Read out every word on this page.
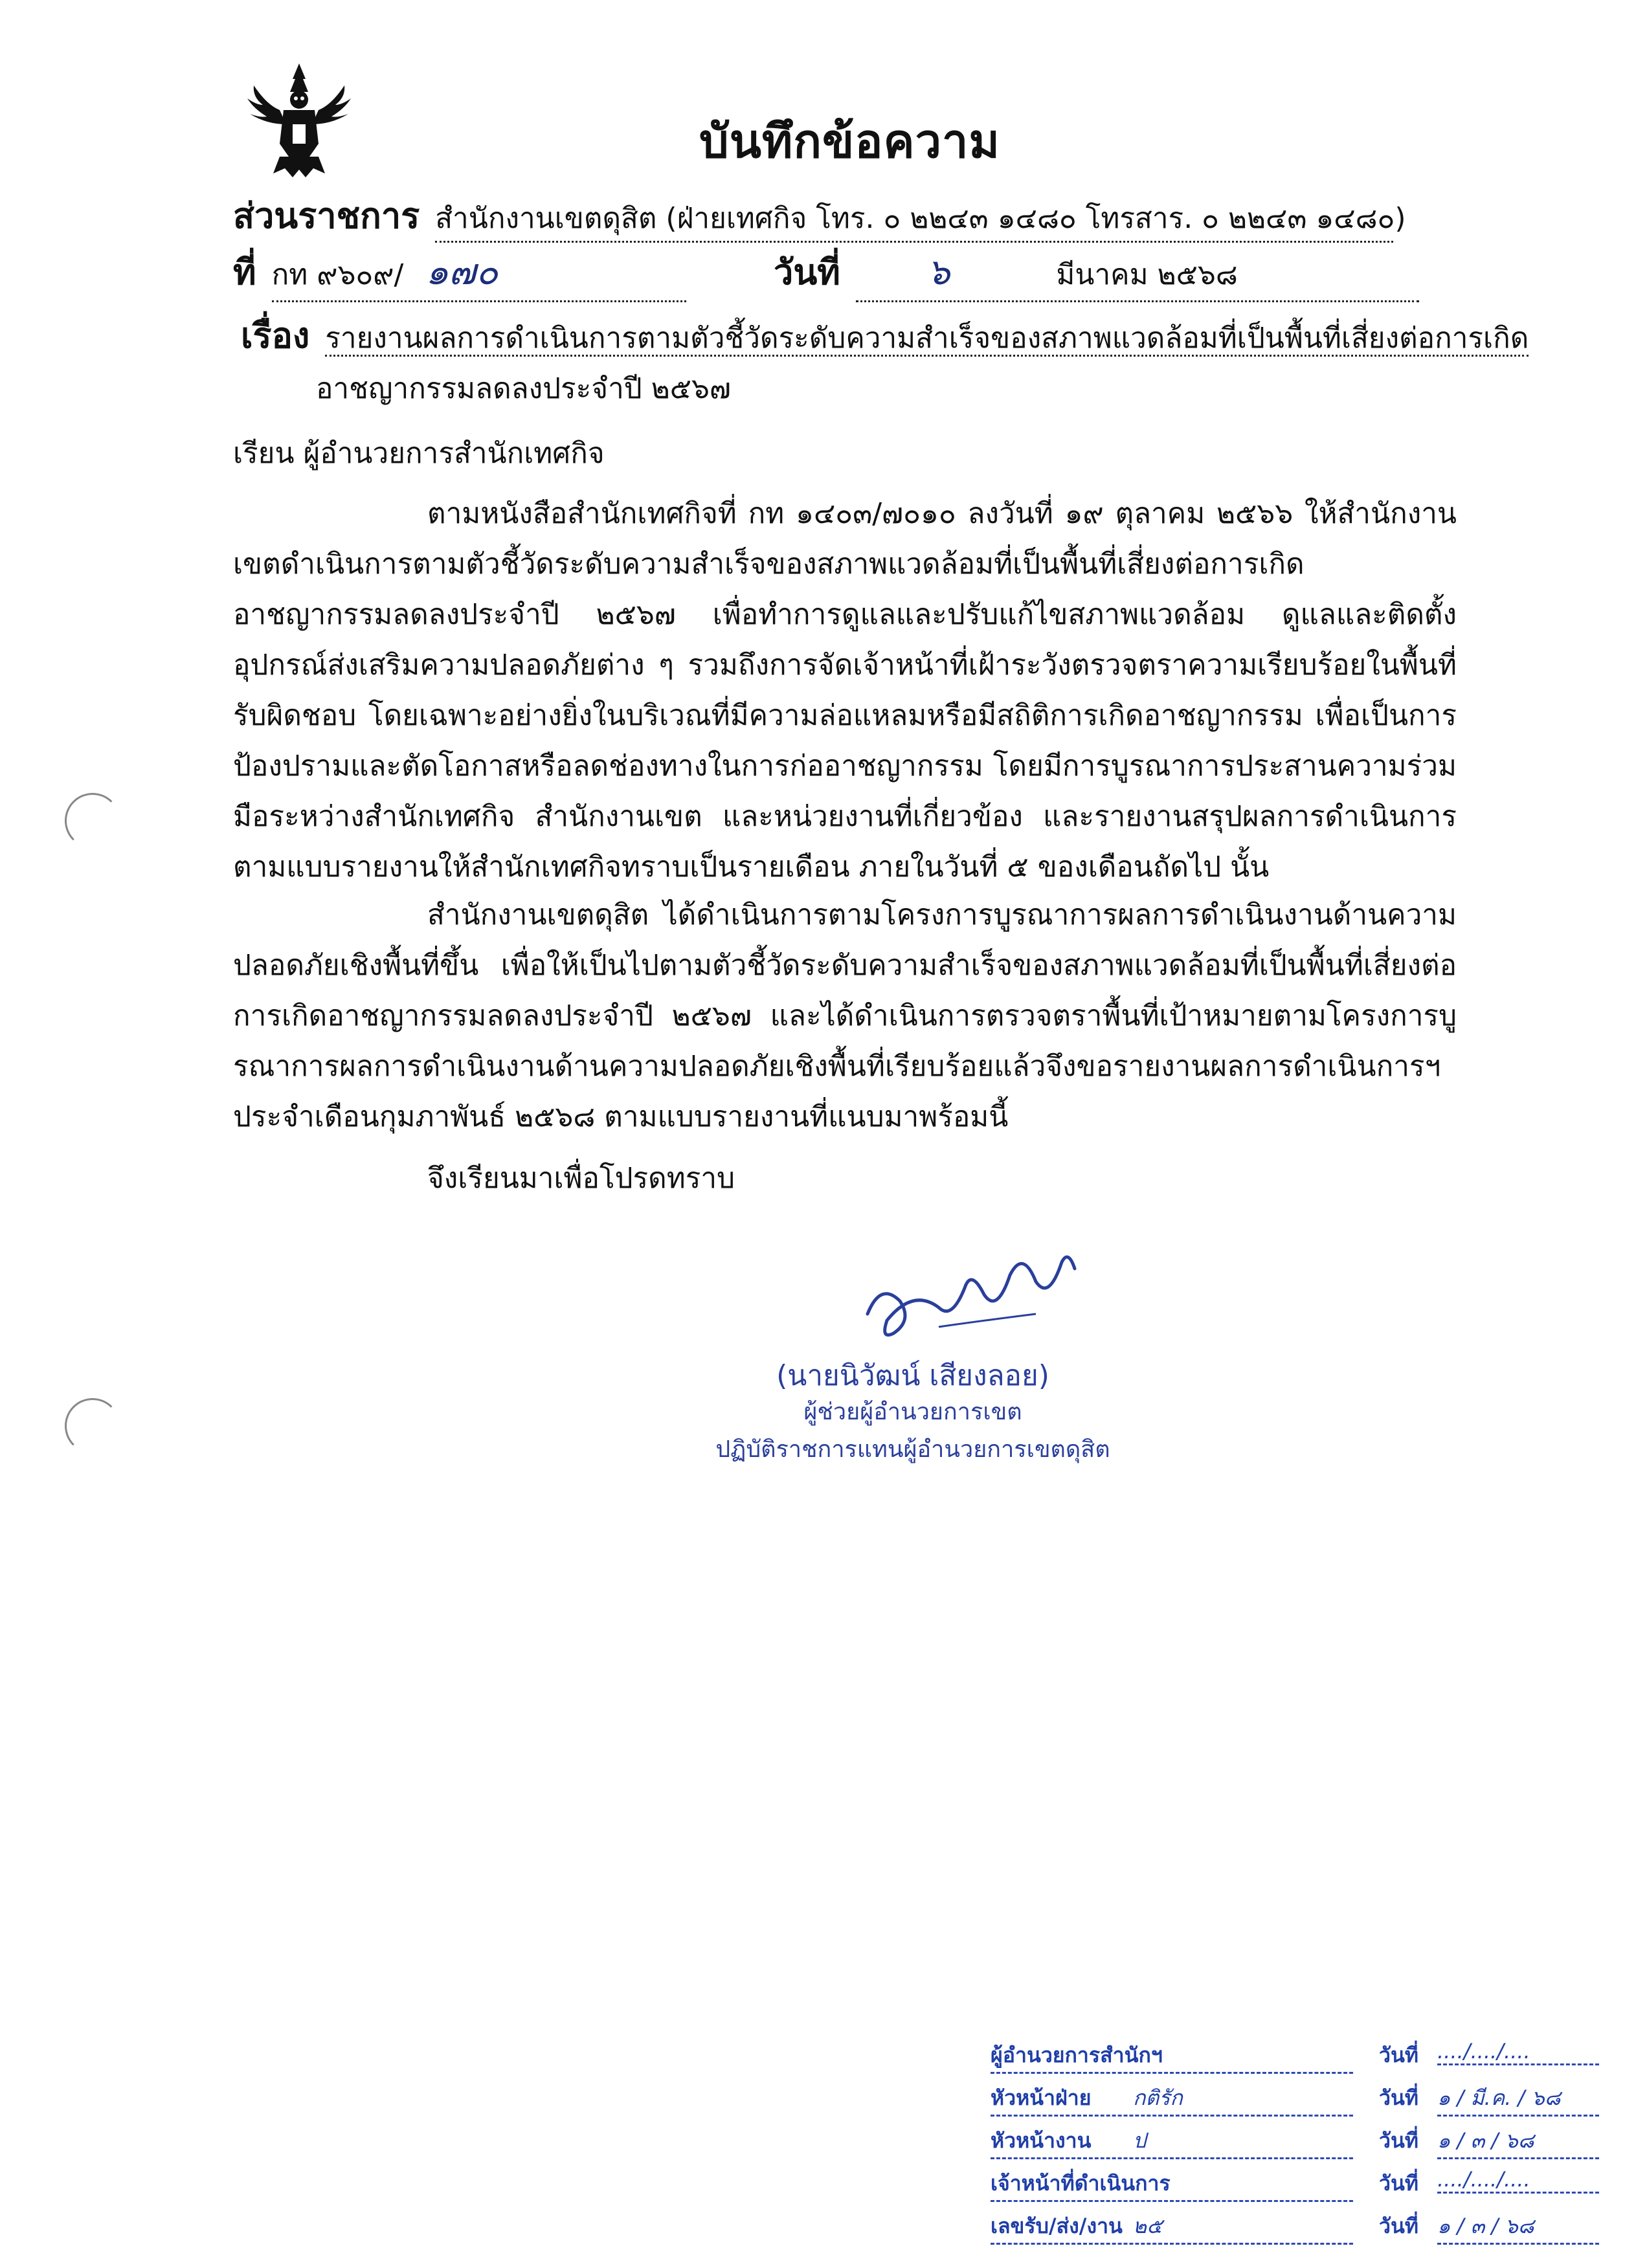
บันทึกข้อความ
ส่วนราชการ สำนักงานเขตดุสิต (ฝ่ายเทศกิจ โทร. ๐ ๒๒๔๓ ๑๔๘๐ โทรสาร. ๐ ๒๒๔๓ ๑๔๘๐)
ที่ กท ๙๖๐๙/ ๑๗๐	วันที่ ๖	มีนาคม ๒๕๖๘
เรื่อง รายงานผลการดำเนินการตามตัวชี้วัดระดับความสำเร็จของสภาพแวดล้อมที่เป็นพื้นที่เสี่ยงต่อการเกิด
อาชญากรรมลดลงประจำปี ๒๕๖๗
เรียน ผู้อำนวยการสำนักเทศกิจ

ตามหนังสือสำนักเทศกิจที่ กท ๑๔๐๓/๗๐๑๐ ลงวันที่ ๑๙ ตุลาคม ๒๕๖๖ ให้สำนักงานเขตดำเนินการตามตัวชี้วัดระดับความสำเร็จของสภาพแวดล้อมที่เป็นพื้นที่เสี่ยงต่อการเกิดอาชญากรรมลดลงประจำปี ๒๕๖๗ เพื่อทำการดูแลและปรับแก้ไขสภาพแวดล้อม ดูแลและติดตั้งอุปกรณ์ส่งเสริมความปลอดภัยต่าง ๆ รวมถึงการจัดเจ้าหน้าที่เฝ้าระวังตรวจตราความเรียบร้อยในพื้นที่รับผิดชอบ โดยเฉพาะอย่างยิ่งในบริเวณที่มีความล่อแหลมหรือมีสถิติการเกิดอาชญากรรม เพื่อเป็นการป้องปรามและตัดโอกาสหรือลดช่องทางในการก่ออาชญากรรม โดยมีการบูรณาการประสานความร่วมมือระหว่างสำนักเทศกิจ สำนักงานเขต และหน่วยงานที่เกี่ยวข้อง และรายงานสรุปผลการดำเนินการตามแบบรายงานให้สำนักเทศกิจทราบเป็นรายเดือน ภายในวันที่ ๕ ของเดือนถัดไป นั้น

สำนักงานเขตดุสิต ได้ดำเนินการตามโครงการบูรณาการผลการดำเนินงานด้านความปลอดภัยเชิงพื้นที่ขึ้น เพื่อให้เป็นไปตามตัวชี้วัดระดับความสำเร็จของสภาพแวดล้อมที่เป็นพื้นที่เสี่ยงต่อการเกิดอาชญากรรมลดลงประจำปี ๒๕๖๗ และได้ดำเนินการตรวจตราพื้นที่เป้าหมายตามโครงการบูรณาการผลการดำเนินงานด้านความปลอดภัยเชิงพื้นที่เรียบร้อยแล้วจึงขอรายงานผลการดำเนินการฯ ประจำเดือนกุมภาพันธ์ ๒๕๖๘ ตามแบบรายงานที่แนบมาพร้อมนี้

จึงเรียนมาเพื่อโปรดทราบ
(นายนิวัฒน์ เสียงลอย)
ผู้ช่วยผู้อำนวยการเขต
ปฏิบัติราชการแทนผู้อำนวยการเขตดุสิต
ผู้อำนวยการสำนักฯ	วันที่ ..../..../....
หัวหน้าฝ่าย	กติรัก	วันที่ ๑ / มี.ค. / ๖๘
หัวหน้างาน	ป	วันที่ ๑ / ๓ / ๖๘
เจ้าหน้าที่ดำเนินการ	วันที่ ..../..../....
เลขรับ/ส่ง/งาน ๒๕	วันที่ ๑ / ๓ / ๖๘
